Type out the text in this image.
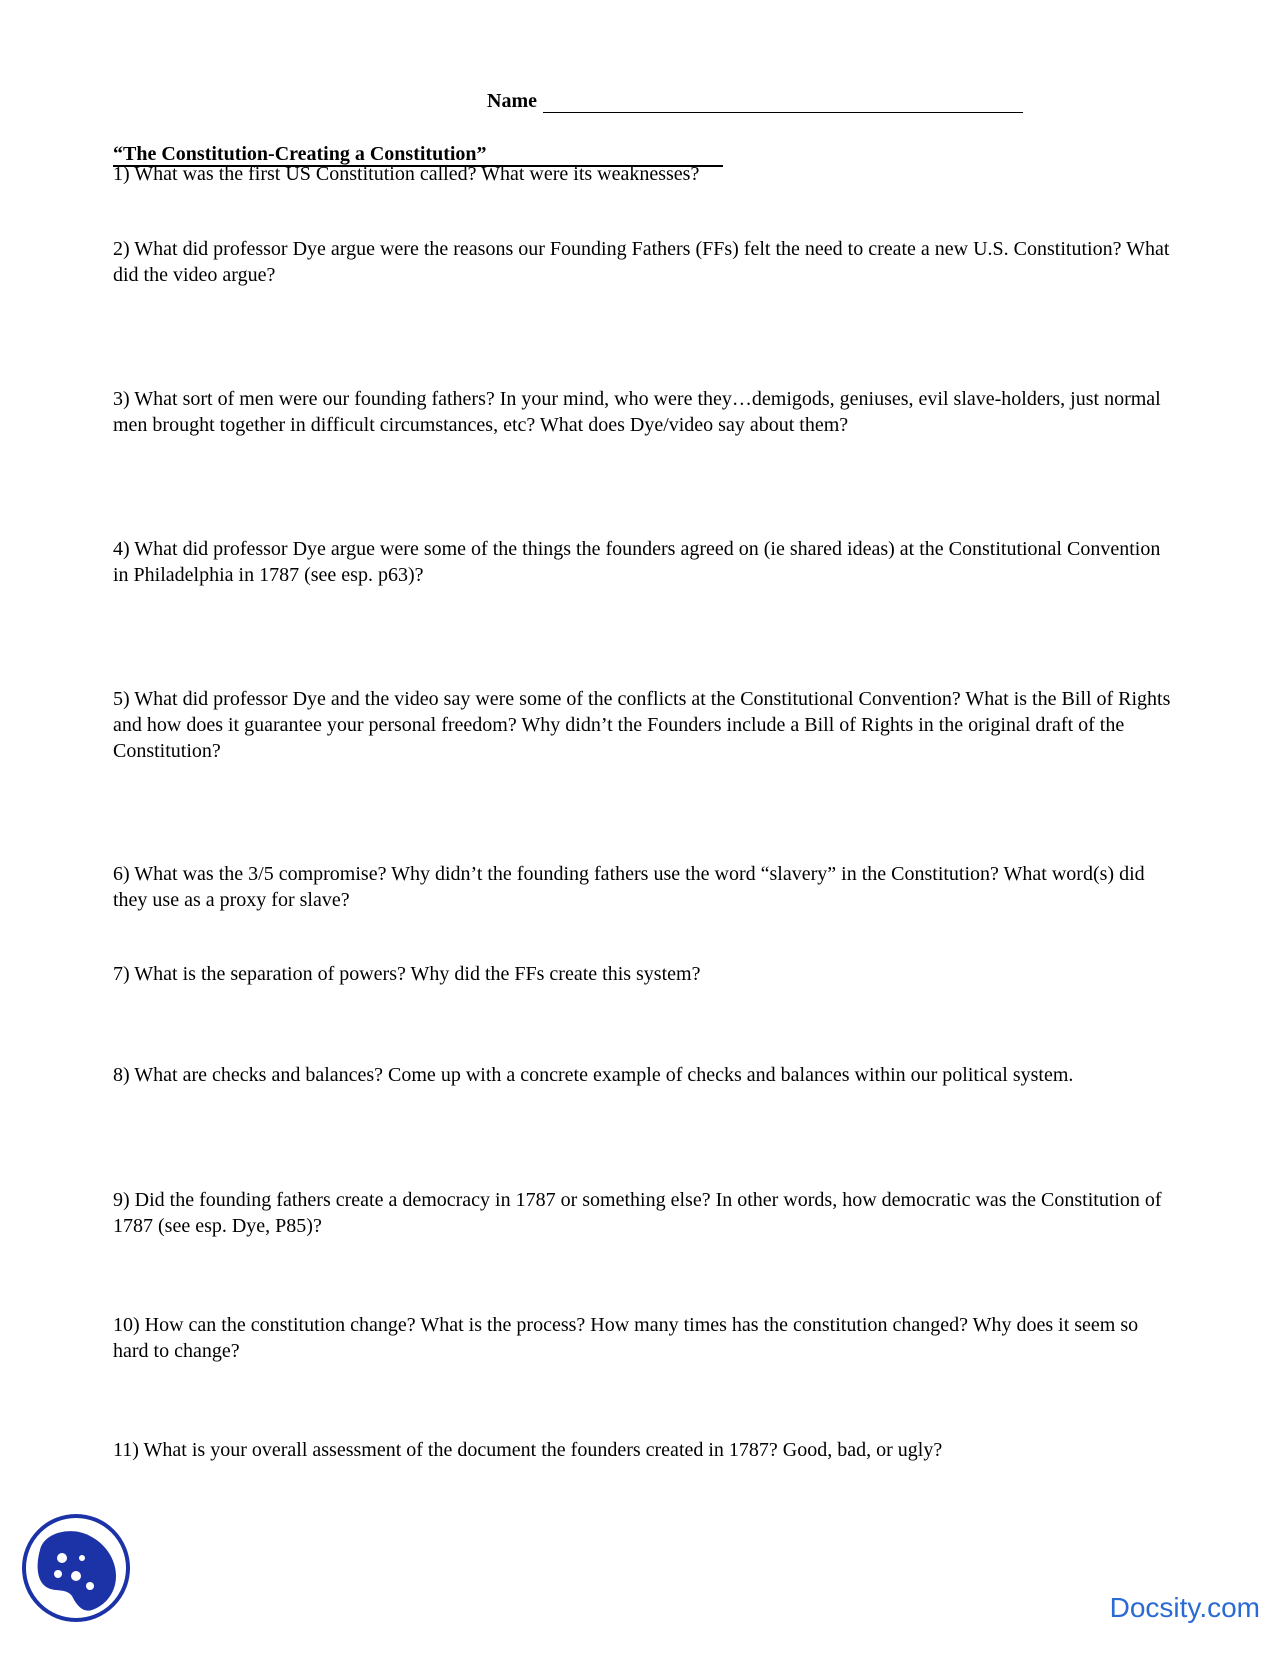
Name
“The Constitution-Creating a Constitution”
1) What was the first US Constitution called? What were its weaknesses?
2) What did professor Dye argue were the reasons our Founding Fathers (FFs) felt the need to create a new U.S. Constitution? What did the video argue?
3) What sort of men were our founding fathers? In your mind, who were they…demigods, geniuses, evil slave-holders, just normal men brought together in difficult circumstances, etc? What does Dye/video say about them?
4) What did professor Dye argue were some of the things the founders agreed on (ie shared ideas) at the Constitutional Convention in Philadelphia in 1787 (see esp. p63)?
5) What did professor Dye and the video say were some of the conflicts at the Constitutional Convention? What is the Bill of Rights and how does it guarantee your personal freedom? Why didn’t the Founders include a Bill of Rights in the original draft of the Constitution?
6) What was the 3/5 compromise? Why didn’t the founding fathers use the word “slavery” in the Constitution? What word(s) did they use as a proxy for slave?
7) What is the separation of powers? Why did the FFs create this system?
8) What are checks and balances? Come up with a concrete example of checks and balances within our political system.
9) Did the founding fathers create a democracy in 1787 or something else? In other words, how democratic was the Constitution of 1787 (see esp. Dye, P85)?
10) How can the constitution change? What is the process? How many times has the constitution changed? Why does it seem so hard to change?
11) What is your overall assessment of the document the founders created in 1787? Good, bad, or ugly?
Docsity.com
